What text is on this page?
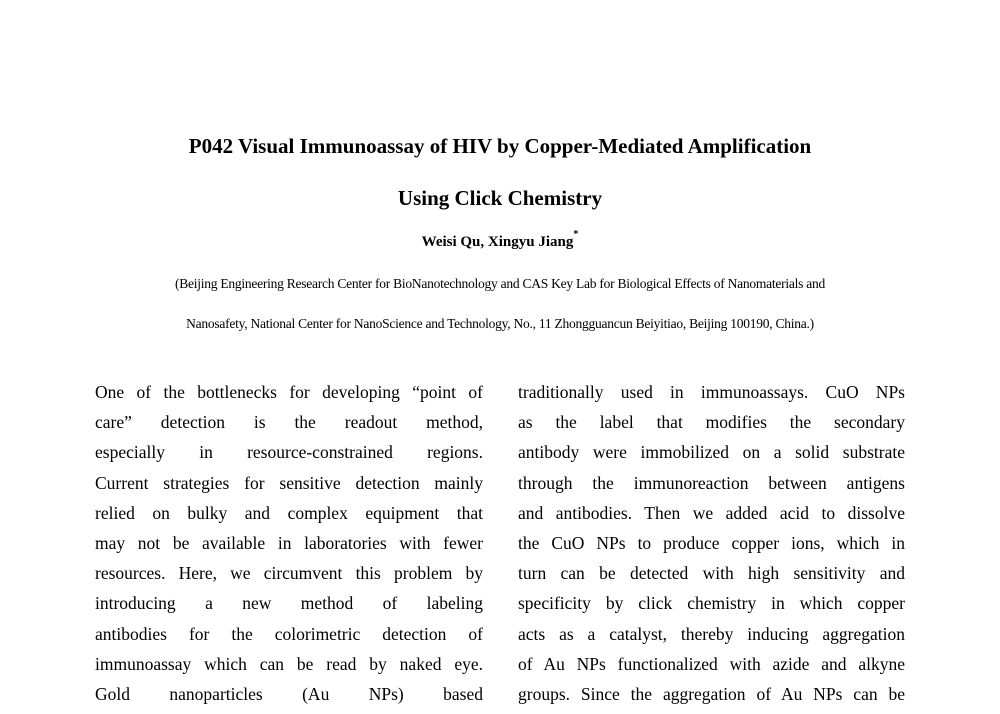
P042 Visual Immunoassay of HIV by Copper-Mediated Amplification
Using Click Chemistry
Weisi Qu, Xingyu Jiang*
(Beijing Engineering Research Center for BioNanotechnology and CAS Key Lab for Biological Effects of Nanomaterials and
Nanosafety, National Center for NanoScience and Technology, No., 11 Zhongguancun Beiyitiao, Beijing 100190, China.)
One of the bottlenecks for developing “point of
care” detection is the readout method,
especially in resource-constrained regions.
Current strategies for sensitive detection mainly
relied on bulky and complex equipment that
may not be available in laboratories with fewer
resources. Here, we circumvent this problem by
introducing a new method of labeling
antibodies for the colorimetric detection of
immunoassay which can be read by naked eye.
Gold nanoparticles (Au NPs) based
traditionally used in immunoassays. CuO NPs
as the label that modifies the secondary
antibody were immobilized on a solid substrate
through the immunoreaction between antigens
and antibodies. Then we added acid to dissolve
the CuO NPs to produce copper ions, which in
turn can be detected with high sensitivity and
specificity by click chemistry in which copper
acts as a catalyst, thereby inducing aggregation
of Au NPs functionalized with azide and alkyne
groups. Since the aggregation of Au NPs can be
